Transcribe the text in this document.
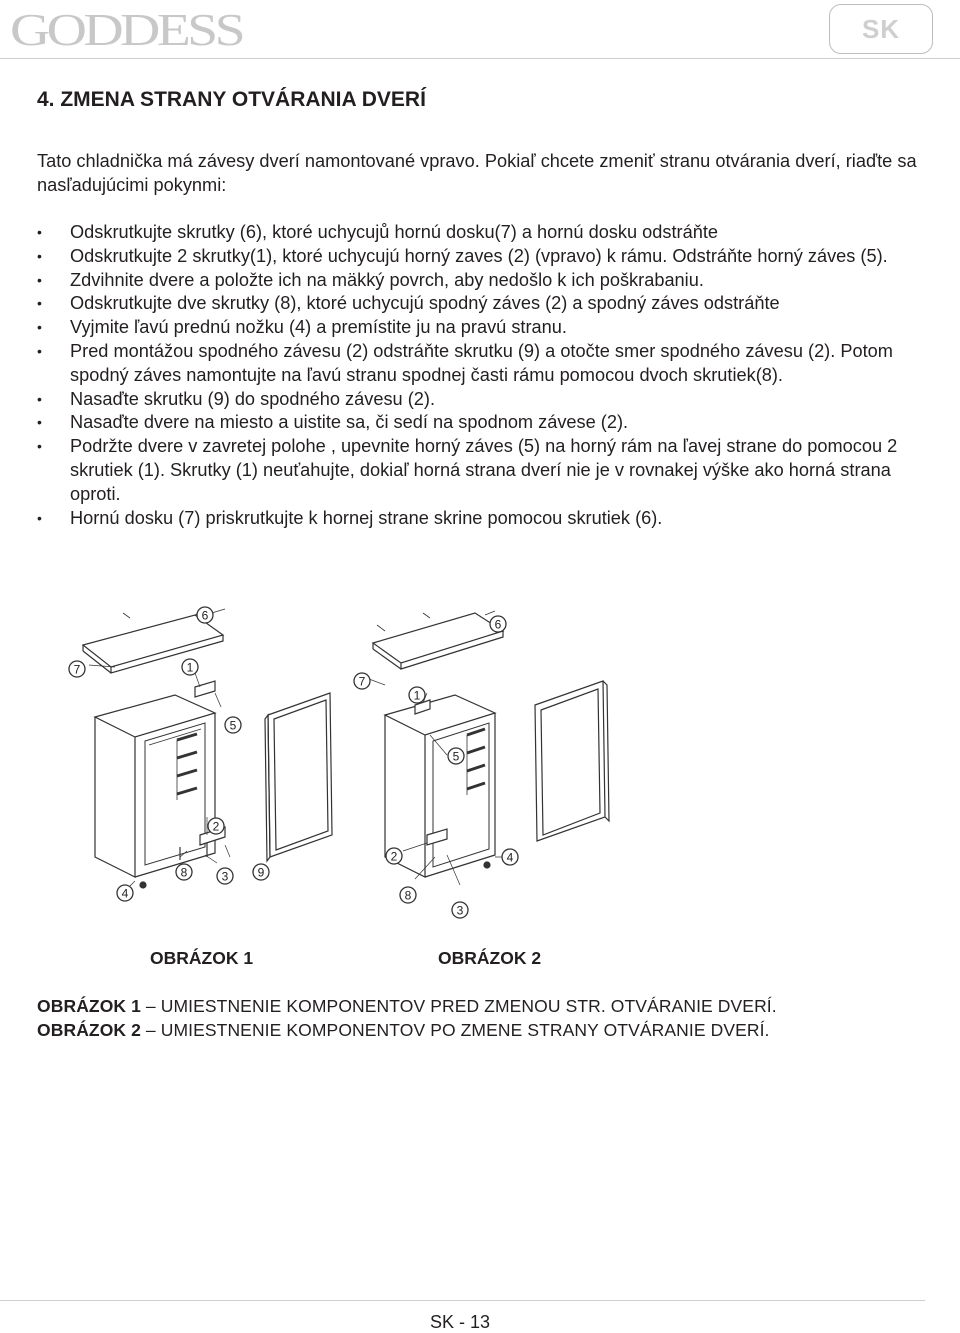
GODDESS	SK
4. ZMENA STRANY OTVÁRANIA DVERÍ

Tato chladnička má závesy dverí namontované vpravo. Pokiaľ chcete zmeniť stranu otvárania dverí, riaďte sa nasľadujúcimi pokynmi:

• Odskrutkujte skrutky (6), ktoré uchycujů hornú dosku(7) a hornú dosku odstráňte
• Odskrutkujte 2 skrutky(1), ktoré uchycujú horný zaves (2) (vpravo) k rámu. Odstráňte horný záves (5).
• Zdvihnite dvere a položte ich na mäkký povrch, aby nedošlo k ich poškrabaniu.
• Odskrutkujte dve skrutky (8), ktoré uchycujú spodný záves (2) a spodný záves odstráňte
• Vyjmite ľavú prednú nožku (4) a premístite ju na pravú stranu.
• Pred montážou spodného závesu (2) odstráňte skrutku (9) a otočte smer spodného závesu (2). Potom spodný záves namontujte na ľavú stranu spodnej časti rámu pomocou dvoch skrutiek(8).
• Nasaďte skrutku (9) do spodného závesu (2).
• Nasaďte dvere na miesto a uistite sa, či sedí na spodnom závese (2).
• Podržte dvere v zavretej polohe , upevnite horný záves (5) na horný rám na ľavej strane do pomocou 2 skrutiek (1). Skrutky (1) neuťahujte, dokiaľ horná strana dverí nie je v rovnakej výške ako horná strana oproti.
• Hornú dosku (7) priskrutkujte k hornej strane skrine pomocou skrutiek (6).
6
7	1
5
2
8	3 9
4
6
7
1
5
2	4
8
3

OBRÁZOK 1	OBRÁZOK 2

OBRÁZOK 1 – UMIESTNENIE KOMPONENTOV PRED ZMENOU STR. OTVÁRANIE DVERÍ.

OBRÁZOK 2 – UMIESTNENIE KOMPONENTOV PO ZMENE STRANY OTVÁRANIE DVERÍ.

SK - 13
